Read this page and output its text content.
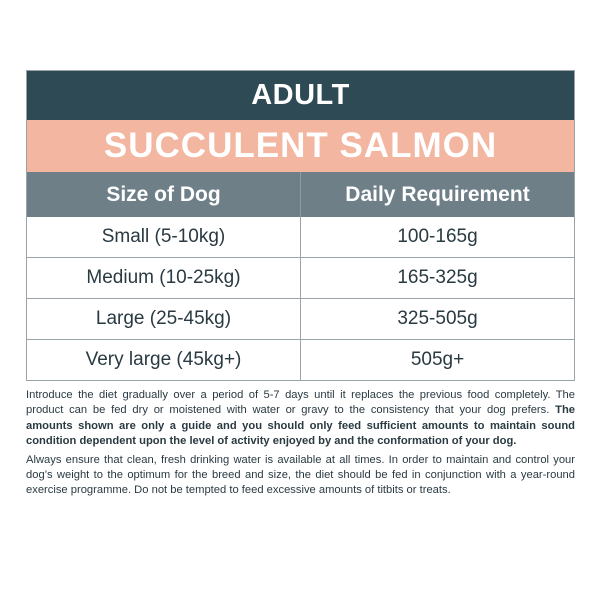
ADULT
SUCCULENT SALMON
Size of Dog	Daily Requirement
Small (5-10kg)	100-165g
Medium (10-25kg)	165-325g
Large (25-45kg)	325-505g
Very large (45kg+)	505g+

Introduce the diet gradually over a period of 5-7 days until it replaces the previous food completely. The product can be fed dry or moistened with water or gravy to the consistency that your dog prefers. The amounts shown are only a guide and you should only feed sufficient amounts to maintain sound condition dependent upon the level of activity enjoyed by and the conformation of your dog.

Always ensure that clean, fresh drinking water is available at all times. In order to maintain and control your dog’s weight to the optimum for the breed and size, the diet should be fed in conjunction with a year-round exercise programme. Do not be tempted to feed excessive amounts of titbits or treats.
